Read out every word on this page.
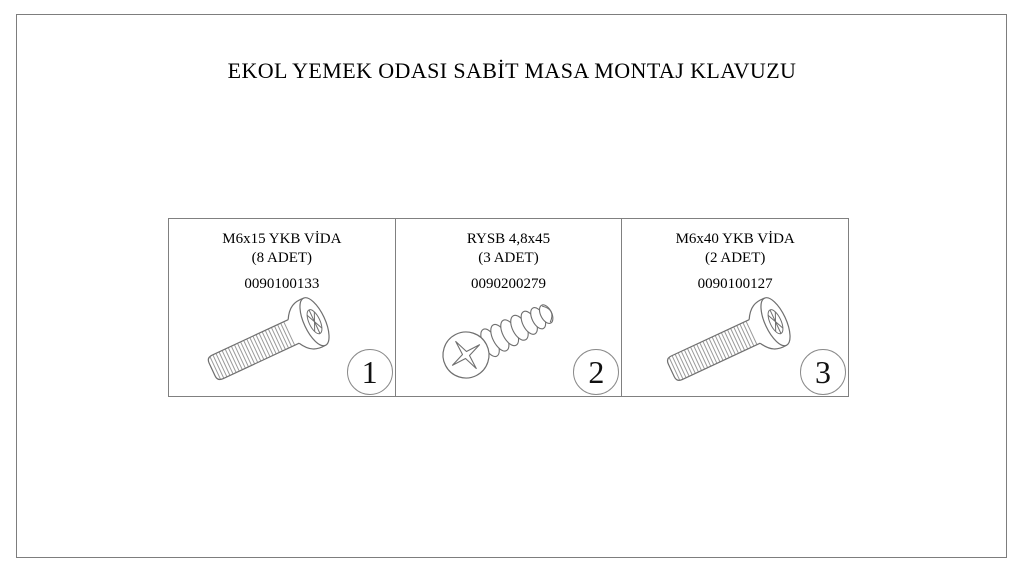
EKOL YEMEK ODASI SABİT MASA MONTAJ KLAVUZU
M6x15 YKB VİDA
(8 ADET)
0090100133
1
RYSB 4,8x45
(3 ADET)
0090200279
2
M6x40 YKB VİDA
(2 ADET)
0090100127
3
